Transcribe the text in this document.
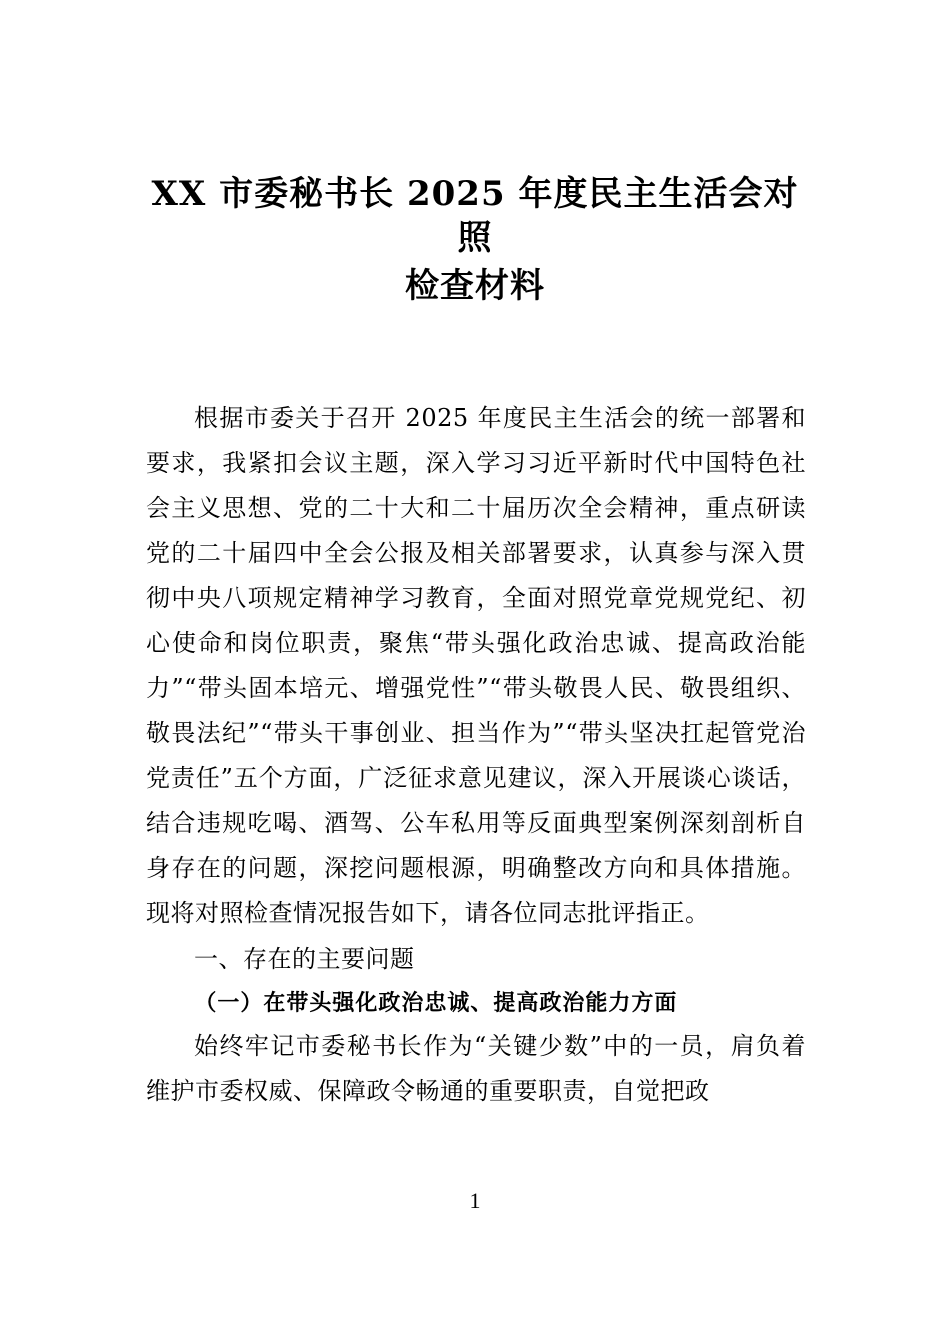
XX 市委秘书长 2025 年度民主生活会对照
检查材料

根据市委关于召开 2025 年度民主生活会的统一部署和要求，我紧扣会议主题，深入学习习近平新时代中国特色社会主义思想、党的二十大和二十届历次全会精神，重点研读党的二十届四中全会公报及相关部署要求，认真参与深入贯彻中央八项规定精神学习教育，全面对照党章党规党纪、初心使命和岗位职责，聚焦“带头强化政治忠诚、提高政治能力”“带头固本培元、增强党性”“带头敬畏人民、敬畏组织、敬畏法纪”“带头干事创业、担当作为”“带头坚决扛起管党治党责任”五个方面，广泛征求意见建议，深入开展谈心谈话，结合违规吃喝、酒驾、公车私用等反面典型案例深刻剖析自身存在的问题，深挖问题根源，明确整改方向和具体措施。现将对照检查情况报告如下，请各位同志批评指正。

一、存在的主要问题
（一）在带头强化政治忠诚、提高政治能力方面

始终牢记市委秘书长作为“关键少数”中的一员，肩负着维护市委权威、保障政令畅通的重要职责，自觉把政

1
